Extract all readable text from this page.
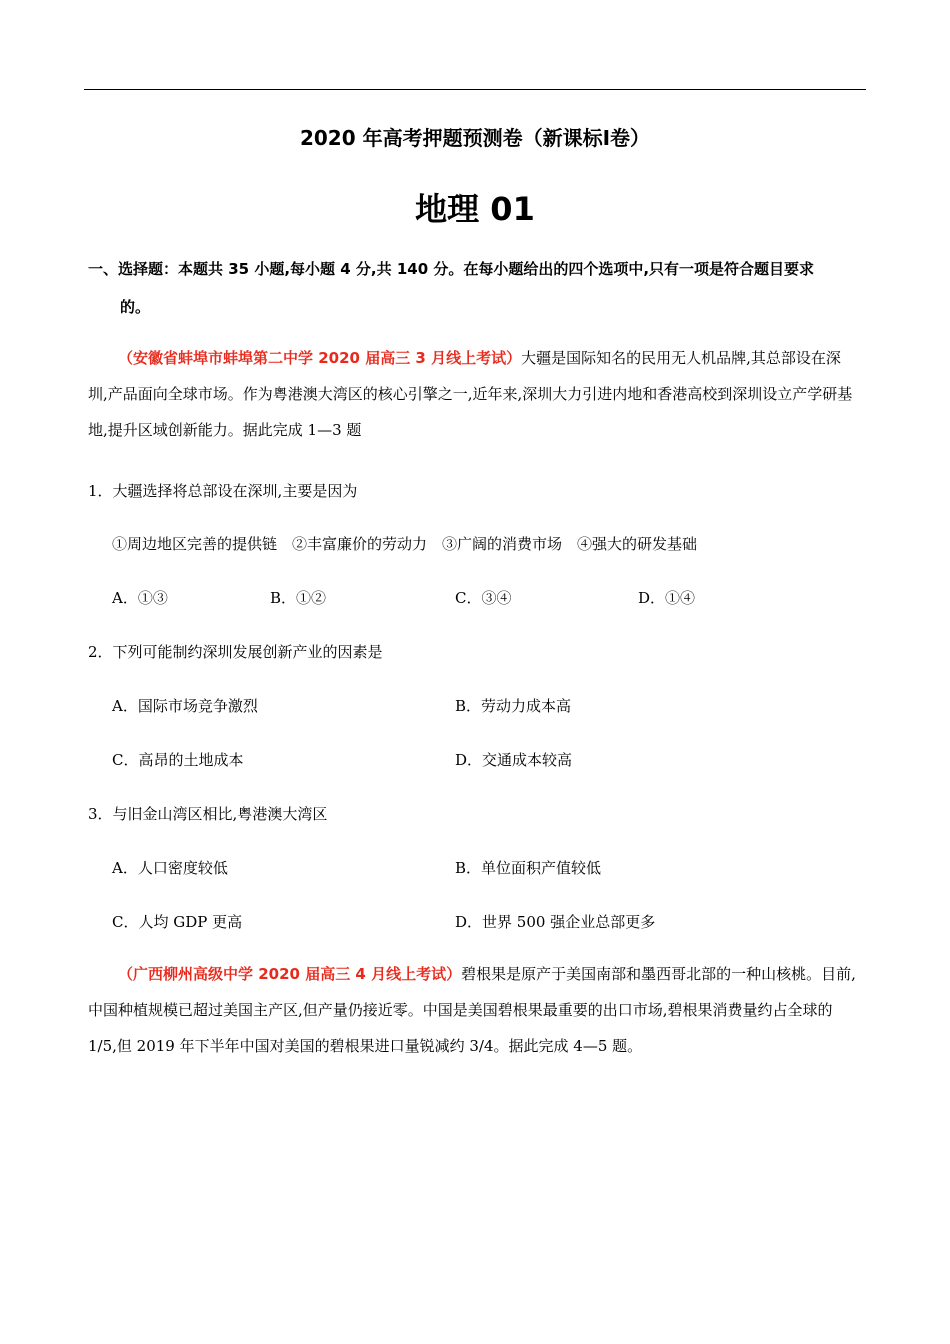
2020 年高考押题预测卷（新课标Ⅰ卷）
地理 01
一、选择题：本题共 35 小题,每小题 4 分,共 140 分。在每小题给出的四个选项中,只有一项是符合题目要求
的。
（安徽省蚌埠市蚌埠第二中学 2020 届高三 3 月线上考试）大疆是国际知名的民用无人机品牌,其总部设在深圳,产品面向全球市场。作为粤港澳大湾区的核心引擎之一,近年来,深圳大力引进内地和香港高校到深圳设立产学研基地,提升区域创新能力。据此完成 1—3 题
1．大疆选择将总部设在深圳,主要是因为
①周边地区完善的提供链　②丰富廉价的劳动力　③广阔的消费市场　④强大的研发基础
A．①③	B．①②	C．③④	D．①④
2．下列可能制约深圳发展创新产业的因素是
A．国际市场竞争激烈	B．劳动力成本高
C．高昂的土地成本	D．交通成本较高
3．与旧金山湾区相比,粤港澳大湾区
A．人口密度较低	B．单位面积产值较低
C．人均 GDP 更高	D．世界 500 强企业总部更多
（广西柳州高级中学 2020 届高三 4 月线上考试）碧根果是原产于美国南部和墨西哥北部的一种山核桃。目前,中国种植规模已超过美国主产区,但产量仍接近零。中国是美国碧根果最重要的出口市场,碧根果消费量约占全球的 1/5,但 2019 年下半年中国对美国的碧根果进口量锐减约 3/4。据此完成 4—5 题。
